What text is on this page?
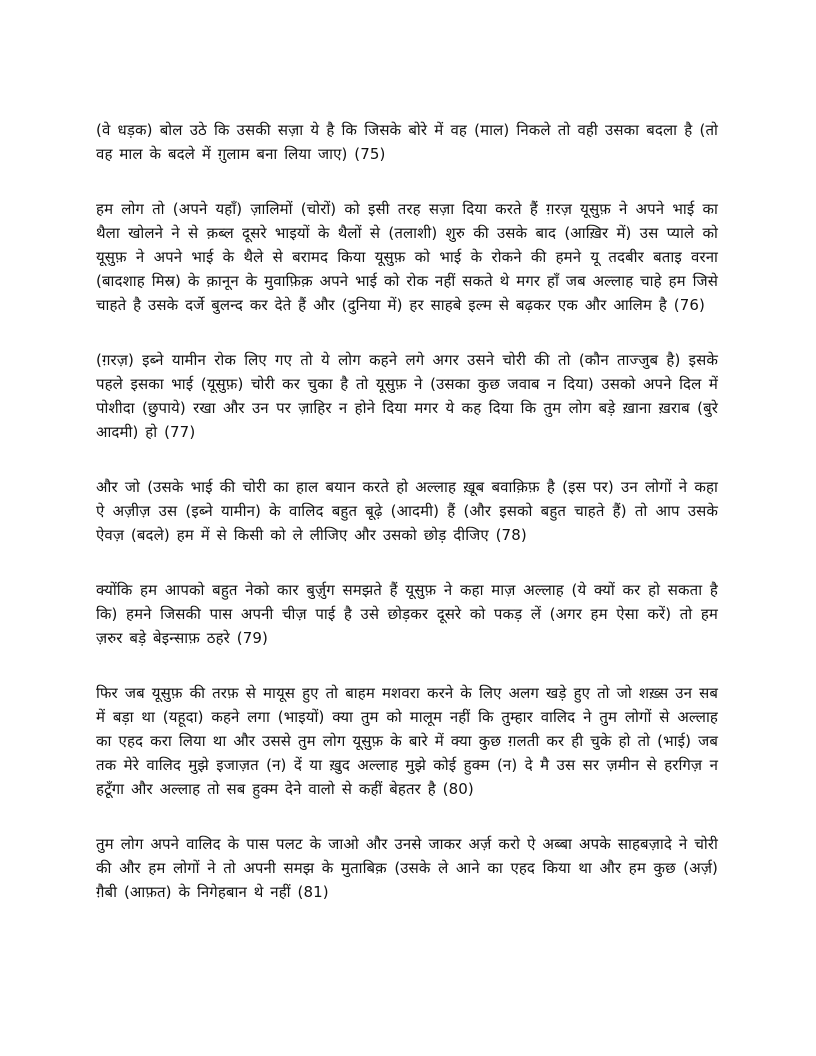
(वे धड़क) बोल उठे कि उसकी सज़ा ये है कि जिसके बोरे में वह (माल) निकले तो वही उसका बदला है (तो वह माल के बदले में ग़ुलाम बना लिया जाए) (75)

हम लोग तो (अपने यहाँ) ज़ालिमों (चोरों) को इसी तरह सज़ा दिया करते हैं ग़रज़ यूसुफ़ ने अपने भाई का थैला खोलने ने से क़ब्ल दूसरे भाइयों के थैलों से (तलाशी) शुरु की उसके बाद (आख़िर में) उस प्याले को यूसुफ़ ने अपने भाई के थैले से बरामद किया यूसुफ़ को भाई के रोकने की हमने यू तदबीर बताइ वरना (बादशाह मिस्र) के क़ानून के मुवाफ़िक़ अपने भाई को रोक नहीं सकते थे मगर हाँ जब अल्लाह चाहे हम जिसे चाहते है उसके दर्जे बुलन्द कर देते हैं और (दुनिया में) हर साहबे इल्म से बढ़कर एक और आलिम है (76)

(ग़रज़) इब्ने यामीन रोक लिए गए तो ये लोग कहने लगे अगर उसने चोरी की तो (कौन ताज्जुब है) इसके पहले इसका भाई (यूसुफ़) चोरी कर चुका है तो यूसुफ़ ने (उसका कुछ जवाब न दिया) उसको अपने दिल में पोशीदा (छुपाये) रखा और उन पर ज़ाहिर न होने दिया मगर ये कह दिया कि तुम लोग बड़े ख़ाना ख़राब (बुरे आदमी) हो (77)

और जो (उसके भाई की चोरी का हाल बयान करते हो अल्लाह ख़ूब बवाक़िफ़ है (इस पर) उन लोगों ने कहा ऐ अज़ीज़ उस (इब्ने यामीन) के वालिद बहुत बूढ़े (आदमी) हैं (और इसको बहुत चाहते हैं) तो आप उसके ऐवज़ (बदले) हम में से किसी को ले लीजिए और उसको छोड़ दीजिए (78)

क्योंकि हम आपको बहुत नेको कार बुर्ज़ुग समझते हैं यूसुफ़ ने कहा माज़ अल्लाह (ये क्यों कर हो सकता है कि) हमने जिसकी पास अपनी चीज़ पाई है उसे छोड़कर दूसरे को पकड़ लें (अगर हम ऐसा करें) तो हम ज़रुर बड़े बेइन्साफ़ ठहरे (79)

फिर जब यूसुफ़ की तरफ़ से मायूस हुए तो बाहम मशवरा करने के लिए अलग खड़े हुए तो जो शख़्स उन सब में बड़ा था (यहूदा) कहने लगा (भाइयों) क्या तुम को मालूम नहीं कि तुम्हार वालिद ने तुम लोगों से अल्लाह का एहद करा लिया था और उससे तुम लोग यूसुफ़ के बारे में क्या कुछ ग़लती कर ही चुके हो तो (भाई) जब तक मेरे वालिद मुझे इजाज़त (न) दें या ख़ुद अल्लाह मुझे कोई हुक्म (न) दे मै उस सर ज़मीन से हरगिज़ न हटूँगा और अल्लाह तो सब हुक्म देने वालो से कहीं बेहतर है (80)

तुम लोग अपने वालिद के पास पलट के जाओ और उनसे जाकर अर्ज़ करो ऐ अब्बा अपके साहबज़ादे ने चोरी की और हम लोगों ने तो अपनी समझ के मुताबिक़ (उसके ले आने का एहद किया था और हम कुछ (अर्ज़) ग़ैबी (आफ़त) के निगेहबान थे नहीं (81)
